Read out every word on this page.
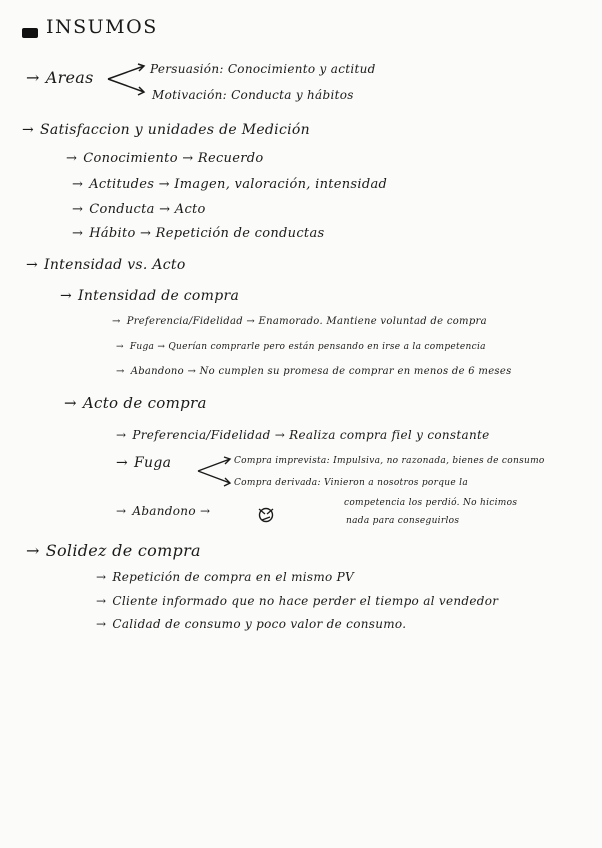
INSUMOS
→ Areas	Persuasión: Conocimiento y actitud
Motivación: Conducta y hábitos
→ Satisfaccion y unidades de Medición
→ Conocimiento → Recuerdo
→ Actitudes → Imagen, valoración, intensidad
→ Conducta → Acto
→ Hábito → Repetición de conductas
→ Intensidad vs. Acto
→ Intensidad de compra
→ Preferencia/Fidelidad → Enamorado. Mantiene voluntad de compra
→ Fuga → Querían comprarle pero están pensando en irse a la competencia
→ Abandono → No cumplen su promesa de comprar en menos de 6 meses
→ Acto de compra
→ Preferencia/Fidelidad → Realiza compra fiel y constante
→ Fuga	Compra imprevista: Impulsiva, no razonada, bienes de consumo
Compra derivada: Vinieron a nosotros porque la
competencia los perdió. No hicimos
nada para conseguirlos
→ Abandono →
→ Solidez de compra
→ Repetición de compra en el mismo PV
→ Cliente informado que no hace perder el tiempo al vendedor
→ Calidad de consumo y poco valor de consumo.
